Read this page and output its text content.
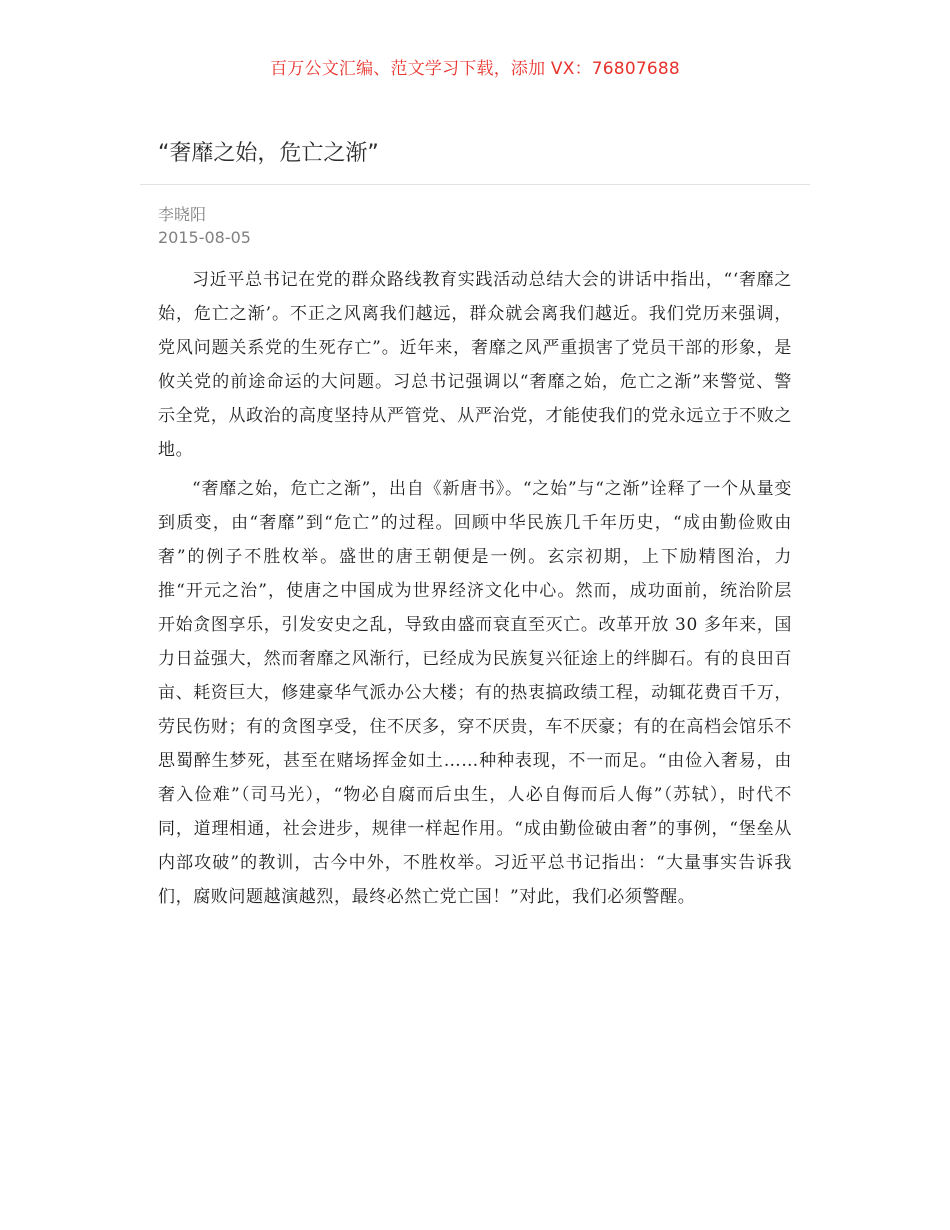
百万公文汇编、范文学习下载，添加 VX：76807688
“奢靡之始，危亡之渐”
李晓阳
2015-08-05

习近平总书记在党的群众路线教育实践活动总结大会的讲话中指出，“‘奢靡之始，危亡之渐’。不正之风离我们越远，群众就会离我们越近。我们党历来强调，党风问题关系党的生死存亡”。近年来，奢靡之风严重损害了党员干部的形象，是攸关党的前途命运的大问题。习总书记强调以“奢靡之始，危亡之渐”来警觉、警示全党，从政治的高度坚持从严管党、从严治党，才能使我们的党永远立于不败之地。

“奢靡之始，危亡之渐”，出自《新唐书》。“之始”与“之渐”诠释了一个从量变到质变，由“奢靡”到“危亡”的过程。回顾中华民族几千年历史，“成由勤俭败由奢”的例子不胜枚举。盛世的唐王朝便是一例。玄宗初期，上下励精图治，力推“开元之治”，使唐之中国成为世界经济文化中心。然而，成功面前，统治阶层开始贪图享乐，引发安史之乱，导致由盛而衰直至灭亡。改革开放 30 多年来，国力日益强大，然而奢靡之风渐行，已经成为民族复兴征途上的绊脚石。有的良田百亩、耗资巨大，修建豪华气派办公大楼；有的热衷搞政绩工程，动辄花费百千万，劳民伤财；有的贪图享受，住不厌多，穿不厌贵，车不厌豪；有的在高档会馆乐不思蜀醉生梦死，甚至在赌场挥金如土……种种表现，不一而足。“由俭入奢易，由奢入俭难”（司马光），“物必自腐而后虫生，人必自侮而后人侮”（苏轼），时代不同，道理相通，社会进步，规律一样起作用。“成由勤俭破由奢”的事例，“堡垒从内部攻破”的教训，古今中外，不胜枚举。习近平总书记指出：“大量事实告诉我们，腐败问题越演越烈，最终必然亡党亡国！”对此，我们必须警醒。
